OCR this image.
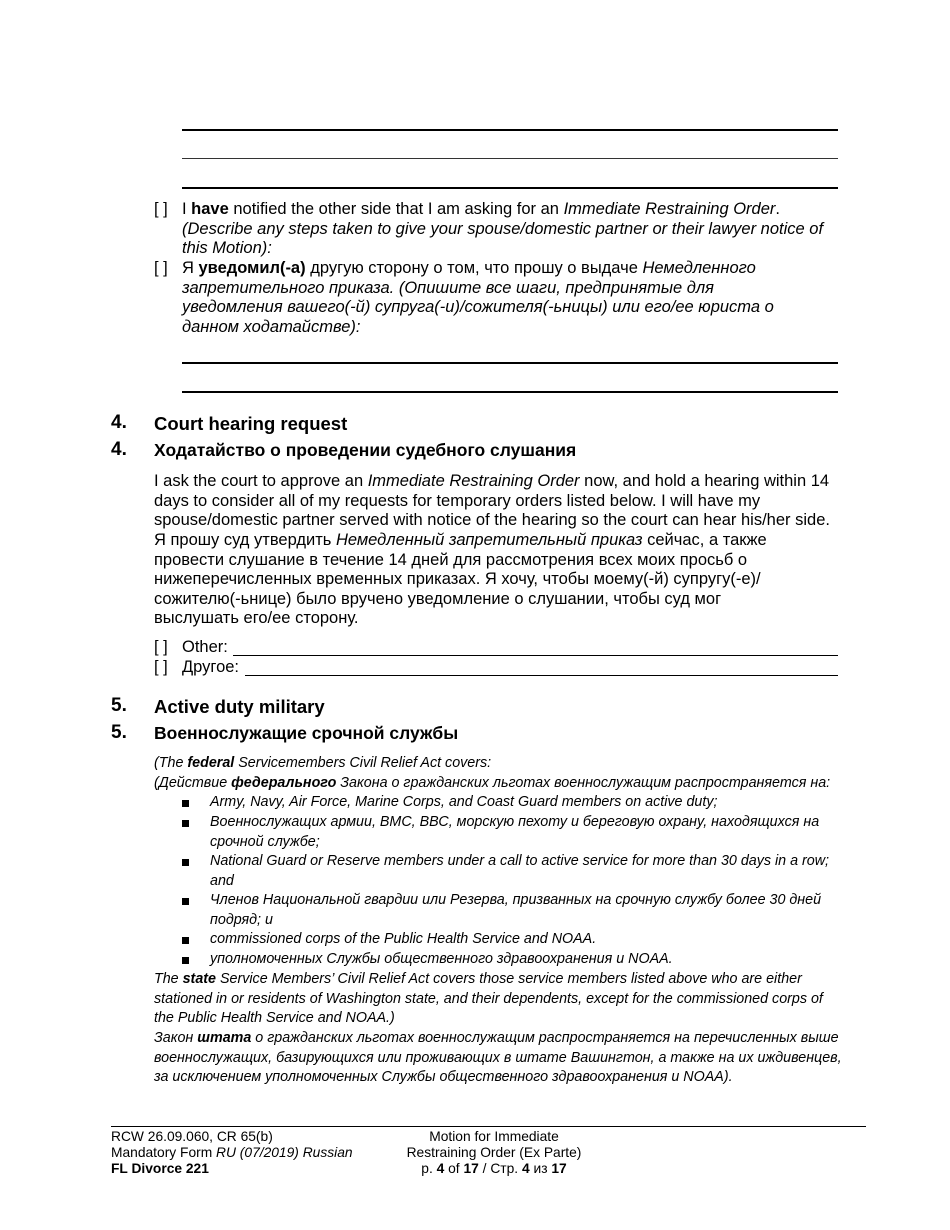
[ ] I have notified the other side that I am asking for an Immediate Restraining Order. (Describe any steps taken to give your spouse/domestic partner or their lawyer notice of this Motion):
[ ] Я уведомил(-а) другую сторону о том, что прошу о выдаче Немедленного запретительного приказа. (Опишите все шаги, предпринятые для уведомления вашего(-й) супруга(-и)/сожителя(-ьницы) или его/ее юриста о данном ходатайстве):
4. Court hearing request
4. Ходатайство о проведении судебного слушания
I ask the court to approve an Immediate Restraining Order now, and hold a hearing within 14 days to consider all of my requests for temporary orders listed below. I will have my spouse/domestic partner served with notice of the hearing so the court can hear his/her side.
Я прошу суд утвердить Немедленный запретительный приказ сейчас, а также провести слушание в течение 14 дней для рассмотрения всех моих просьб о нижеперечисленных временных приказах. Я хочу, чтобы моему(-й) супругу(-е)/сожителю(-ьнице) было вручено уведомление о слушании, чтобы суд мог выслушать его/ее сторону.
[ ] Other:
[ ] Другое:
5. Active duty military
5. Военнослужащие срочной службы
(The federal Servicemembers Civil Relief Act covers:
(Действие федерального Закона о гражданских льготах военнослужащим распространяется на:
Army, Navy, Air Force, Marine Corps, and Coast Guard members on active duty;
Военнослужащих армии, ВМС, ВВС, морскую пехоту и береговую охрану, находящихся на срочной службе;
National Guard or Reserve members under a call to active service for more than 30 days in a row; and
Членов Национальной гвардии или Резерва, призванных на срочную службу более 30 дней подряд; и
commissioned corps of the Public Health Service and NOAA.
уполномоченных Службы общественного здравоохранения и NOAA.
The state Service Members’ Civil Relief Act covers those service members listed above who are either stationed in or residents of Washington state, and their dependents, except for the commissioned corps of the Public Health Service and NOAA.)
Закон штата о гражданских льготах военнослужащим распространяется на перечисленных выше военнослужащих, базирующихся или проживающих в штате Вашингтон, а также на их иждивенцев, за исключением уполномоченных Службы общественного здравоохранения и NOAA).
RCW 26.09.060, CR 65(b)
Mandatory Form RU (07/2019) Russian
FL Divorce 221
Motion for Immediate
Restraining Order (Ex Parte)
p. 4 of 17 / Стр. 4 из 17
